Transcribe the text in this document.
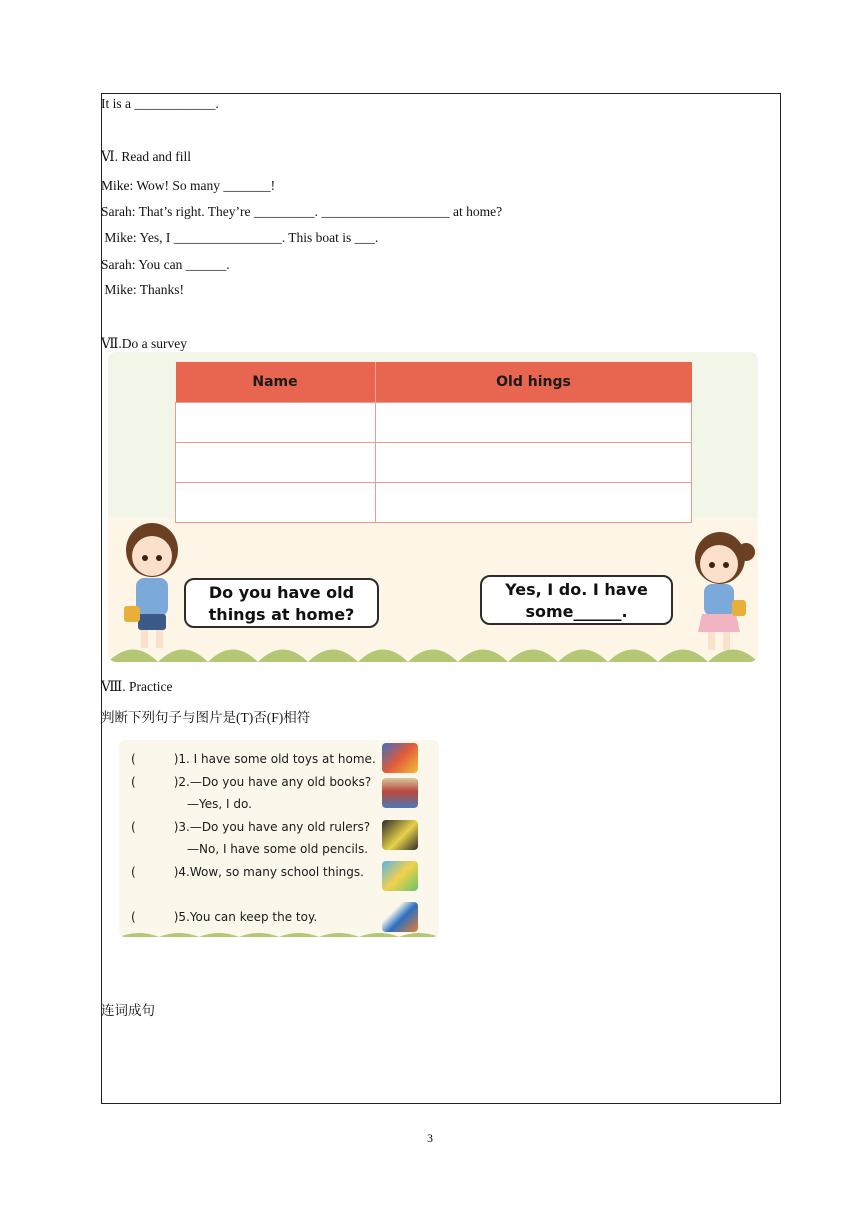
It is a ____________.
Ⅵ. Read and fill
Mike: Wow! So many _______!
Sarah: That’s right. They’re _________. ___________________ at home?
Mike: Yes, I ________________. This boat is ___.
Sarah: You can ______.
Mike: Thanks!
Ⅶ.Do a survey
Name	Old hings

Do you have old
things at home?
Yes, I do. I have
some______.
Ⅷ. Practice
判断下列句子与图片是(T)否(F)相符
(	)1. I have some old toys at home.
(	)2.—Do you have any old books?
—Yes, I do.
(	)3.—Do you have any old rulers?
—No, I have some old pencils.
(	)4.Wow, so many school things.
(	)5.You can keep the toy.
连词成句
3
